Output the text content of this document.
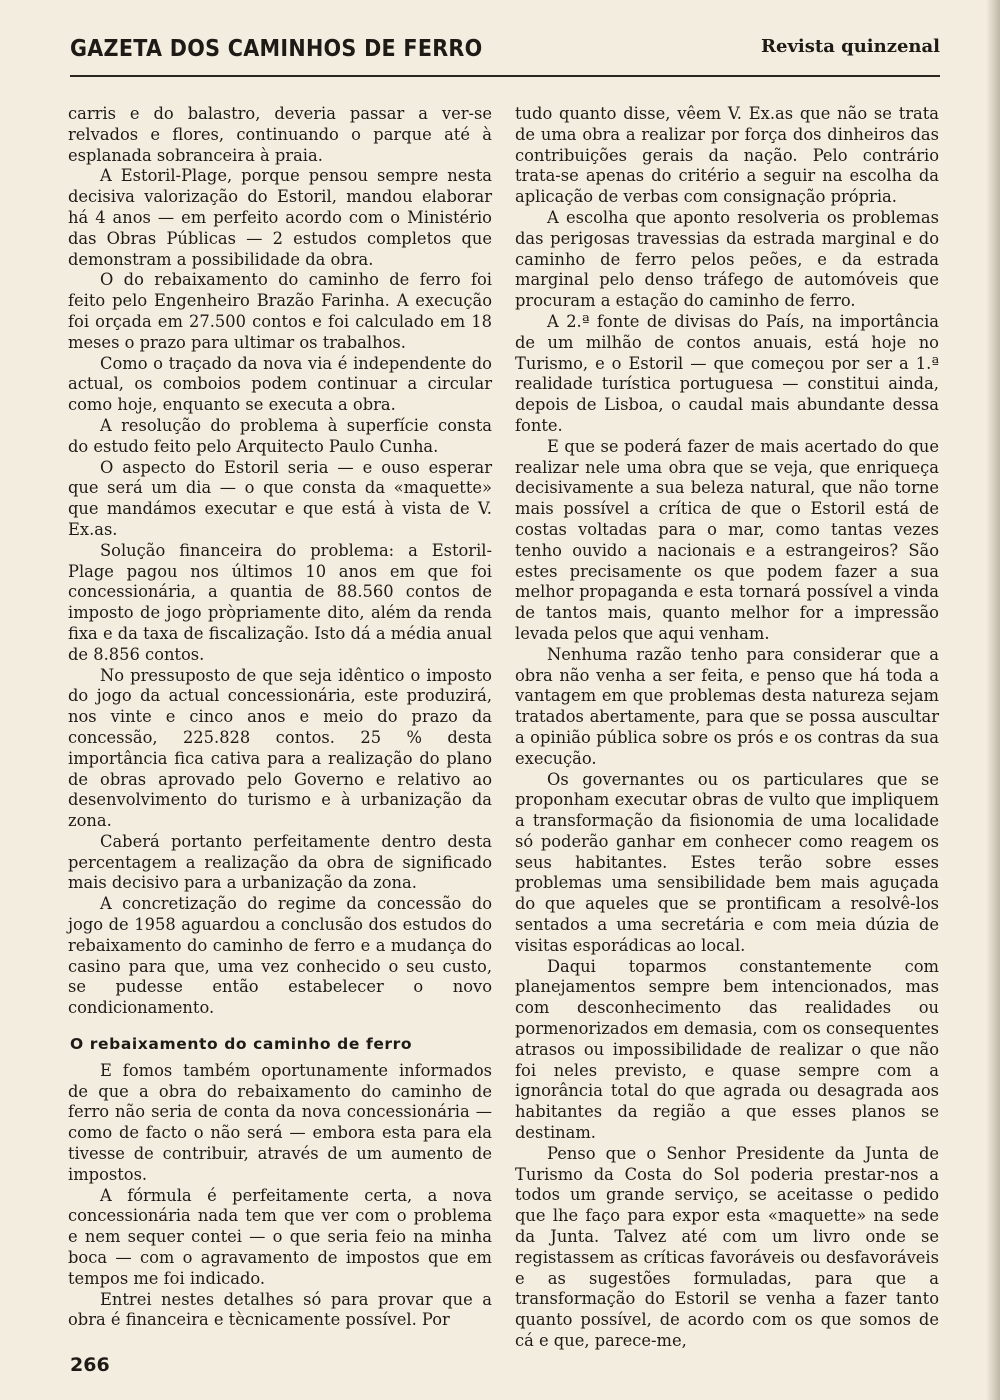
GAZETA DOS CAMINHOS DE FERRO	Revista quinzenal

carris e do balastro, deveria passar a ver-se relvados e flores, continuando o parque até à esplanada sobranceira à praia.

A Estoril-Plage, porque pensou sempre nesta decisiva valorização do Estoril, mandou elaborar há 4 anos — em perfeito acordo com o Ministério das Obras Públicas — 2 estudos completos que demonstram a possibilidade da obra.

O do rebaixamento do caminho de ferro foi feito pelo Engenheiro Brazão Farinha. A execução foi orçada em 27.500 contos e foi calculado em 18 meses o prazo para ultimar os trabalhos.

Como o traçado da nova via é independente do actual, os comboios podem continuar a circular como hoje, enquanto se executa a obra.

A resolução do problema à superfície consta do estudo feito pelo Arquitecto Paulo Cunha.

O aspecto do Estoril seria — e ouso esperar que será um dia — o que consta da «maquette» que mandámos executar e que está à vista de V. Ex.as.

Solução financeira do problema: a Estoril-Plage pagou nos últimos 10 anos em que foi concessionária, a quantia de 88.560 contos de imposto de jogo pròpriamente dito, além da renda fixa e da taxa de fiscalização. Isto dá a média anual de 8.856 contos.

No pressuposto de que seja idêntico o imposto do jogo da actual concessionária, este produzirá, nos vinte e cinco anos e meio do prazo da concessão, 225.828 contos. 25 % desta importância fica cativa para a realização do plano de obras aprovado pelo Governo e relativo ao desenvolvimento do turismo e à urbanização da zona.

Caberá portanto perfeitamente dentro desta percentagem a realização da obra de significado mais decisivo para a urbanização da zona.

A concretização do regime da concessão do jogo de 1958 aguardou a conclusão dos estudos do rebaixamento do caminho de ferro e a mudança do casino para que, uma vez conhecido o seu custo, se pudesse então estabelecer o novo condicionamento.

O rebaixamento do caminho de ferro

E fomos também oportunamente informados de que a obra do rebaixamento do caminho de ferro não seria de conta da nova concessionária — como de facto o não será — embora esta para ela tivesse de contribuir, através de um aumento de impostos.

A fórmula é perfeitamente certa, a nova concessionária nada tem que ver com o problema e nem sequer contei — o que seria feio na minha boca — com o agravamento de impostos que em tempos me foi indicado.

Entrei nestes detalhes só para provar que a obra é financeira e tècnicamente possível. Por

tudo quanto disse, vêem V. Ex.as que não se trata de uma obra a realizar por força dos dinheiros das contribuições gerais da nação. Pelo contrário trata-se apenas do critério a seguir na escolha da aplicação de verbas com consignação própria.

A escolha que aponto resolveria os problemas das perigosas travessias da estrada marginal e do caminho de ferro pelos peões, e da estrada marginal pelo denso tráfego de automóveis que procuram a estação do caminho de ferro.

A 2.ª fonte de divisas do País, na importância de um milhão de contos anuais, está hoje no Turismo, e o Estoril — que começou por ser a 1.ª realidade turística portuguesa — constitui ainda, depois de Lisboa, o caudal mais abundante dessa fonte.

E que se poderá fazer de mais acertado do que realizar nele uma obra que se veja, que enriqueça decisivamente a sua beleza natural, que não torne mais possível a crítica de que o Estoril está de costas voltadas para o mar, como tantas vezes tenho ouvido a nacionais e a estrangeiros? São estes precisamente os que podem fazer a sua melhor propaganda e esta tornará possível a vinda de tantos mais, quanto melhor for a impressão levada pelos que aqui venham.

Nenhuma razão tenho para considerar que a obra não venha a ser feita, e penso que há toda a vantagem em que problemas desta natureza sejam tratados abertamente, para que se possa auscultar a opinião pública sobre os prós e os contras da sua execução.

Os governantes ou os particulares que se proponham executar obras de vulto que impliquem a transformação da fisionomia de uma localidade só poderão ganhar em conhecer como reagem os seus habitantes. Estes terão sobre esses problemas uma sensibilidade bem mais aguçada do que aqueles que se prontificam a resolvê-los sentados a uma secretária e com meia dúzia de visitas esporádicas ao local.

Daqui toparmos constantemente com planejamentos sempre bem intencionados, mas com desconhecimento das realidades ou pormenorizados em demasia, com os consequentes atrasos ou impossibilidade de realizar o que não foi neles previsto, e quase sempre com a ignorância total do que agrada ou desagrada aos habitantes da região a que esses planos se destinam.

Penso que o Senhor Presidente da Junta de Turismo da Costa do Sol poderia prestar-nos a todos um grande serviço, se aceitasse o pedido que lhe faço para expor esta «maquette» na sede da Junta. Talvez até com um livro onde se registassem as críticas favoráveis ou desfavoráveis e as sugestões formuladas, para que a transformação do Estoril se venha a fazer tanto quanto possível, de acordo com os que somos de cá e que, parece-me,

266
